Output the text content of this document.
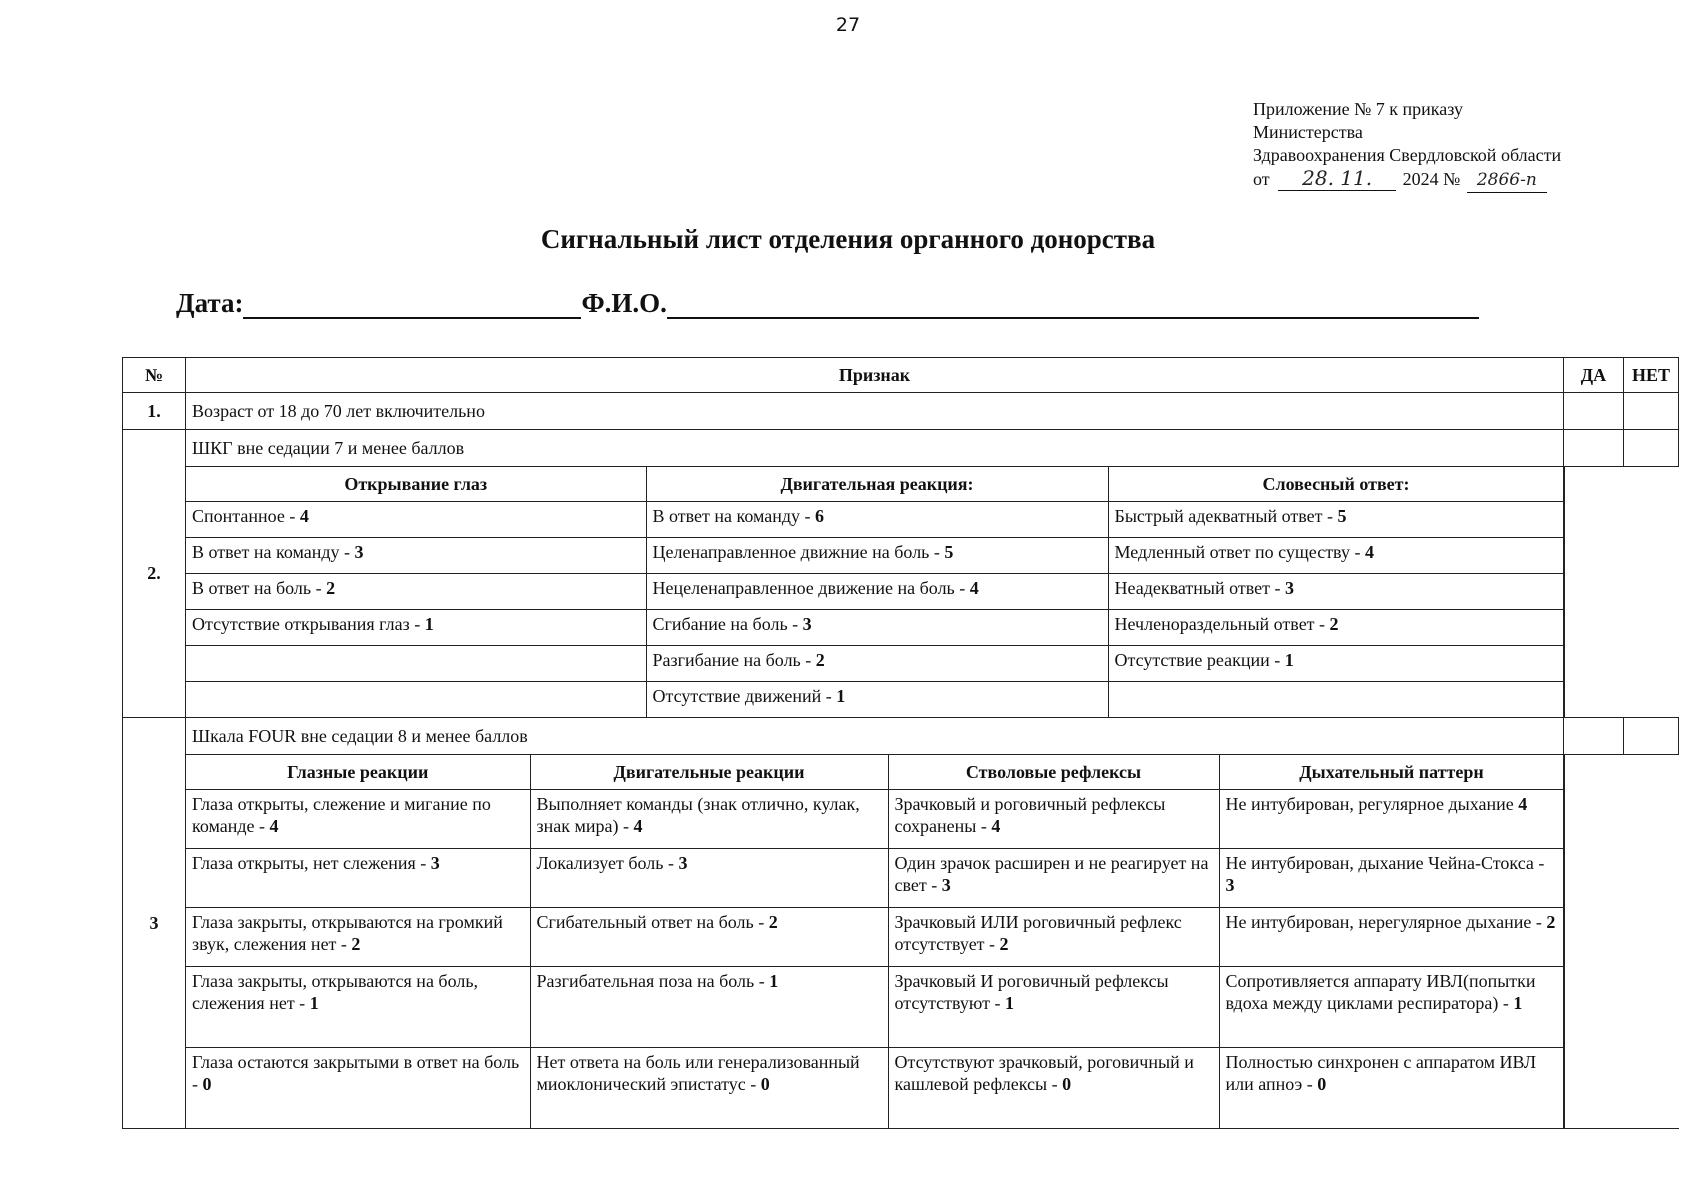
27
Приложение № 7 к приказу
Министерства
Здравоохранения Свердловской области
от 28. 11. 2024 № 2866-п
Сигнальный лист отделения органного донорства
Дата:	Ф.И.О.
№	Признак	ДА	НЕТ
1.	Возраст от 18 до 70 лет включительно		
2.	ШКГ вне седации 7 и менее баллов		

Открывание глаз	Двигательная реакция:	Словесный ответ:
Спонтанное - 4	В ответ на команду - 6	Быстрый адекватный ответ - 5
В ответ на команду - 3	Целенаправленное движние на боль - 5	Медленный ответ по существу - 4
В ответ на боль - 2	Нецеленаправленное движение на боль - 4	Неадекватный ответ - 3
Отсутствие открывания глаз - 1	Сгибание на боль - 3	Нечленораздельный ответ - 2
	Разгибание на боль - 2	Отсутствие реакции - 1
	Отсутствие движений - 1	

3	Шкала FOUR вне седации 8 и менее баллов		

Глазные реакции	Двигательные реакции	Стволовые рефлексы	Дыхательный паттерн
Глаза открыты, слежение и мигание по команде - 4	Выполняет команды (знак отлично, кулак, знак мира) - 4	Зрачковый и роговичный рефлексы сохранены - 4	Не интубирован, регулярное дыхание 4
Глаза открыты, нет слежения - 3	Локализует боль - 3	Один зрачок расширен и не реагирует на свет - 3	Не интубирован, дыхание Чейна-Стокса - 3
Глаза закрыты, открываются на громкий звук, слежения нет - 2	Сгибательный ответ на боль - 2	Зрачковый ИЛИ роговичный рефлекс отсутствует - 2	Не интубирован, нерегулярное дыхание - 2
Глаза закрыты, открываются на боль, слежения нет - 1	Разгибательная поза на боль - 1	Зрачковый И роговичный рефлексы отсутствуют - 1	Сопротивляется аппарату ИВЛ(попытки вдоха между циклами респиратора) - 1
Глаза остаются закрытыми в ответ на боль - 0	Нет ответа на боль или генерализованный миоклонический эпистатус - 0	Отсутствуют зрачковый, роговичный и кашлевой рефлексы - 0	Полностью синхронен с аппаратом ИВЛ или апноэ - 0
